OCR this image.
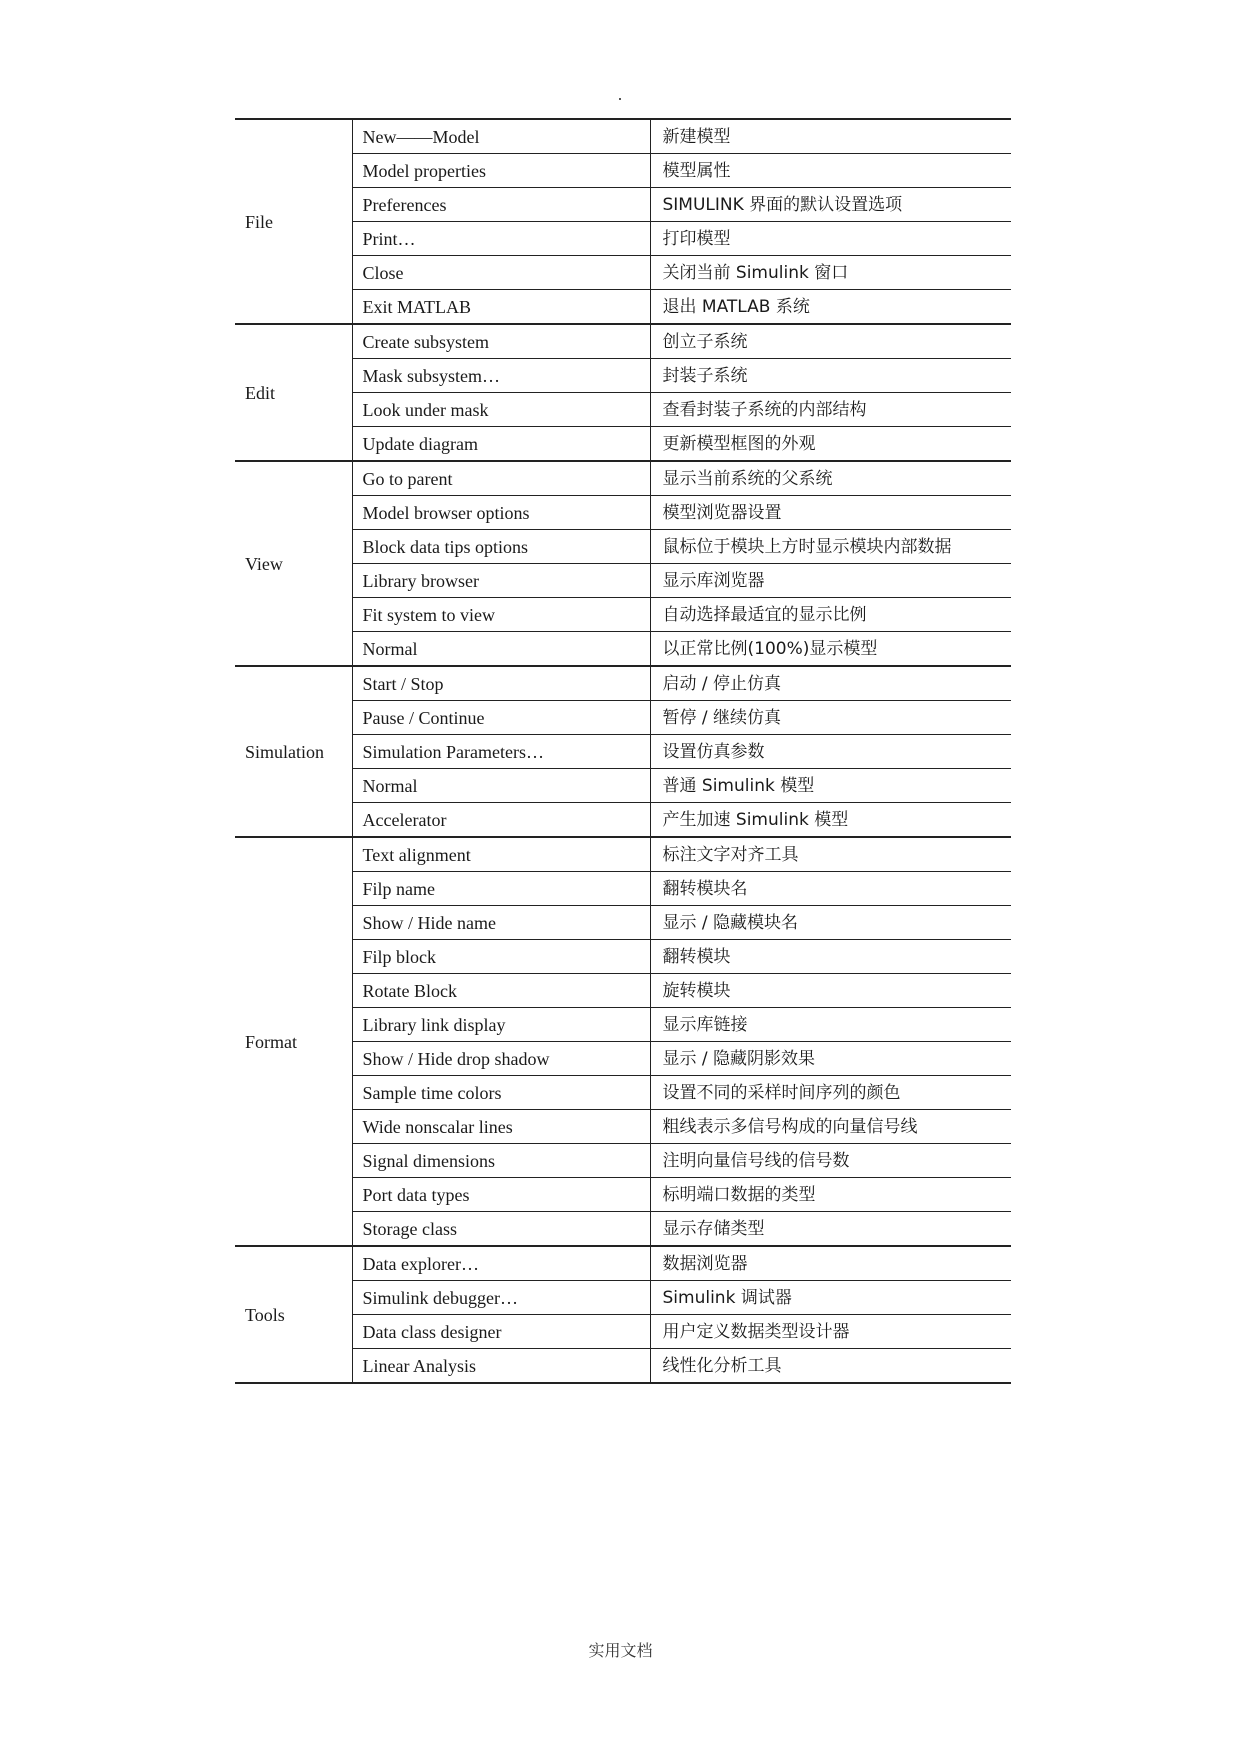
File	New——Model	新建模型
	Model properties	模型属性
	Preferences	SIMULINK 界面的默认设置选项
	Print…	打印模型
	Close	关闭当前 Simulink 窗口
	Exit MATLAB	退出 MATLAB 系统
Edit	Create subsystem	创立子系统
	Mask subsystem…	封装子系统
	Look under mask	查看封装子系统的内部结构
	Update diagram	更新模型框图的外观
View	Go to parent	显示当前系统的父系统
	Model browser options	模型浏览器设置
	Block data tips options	鼠标位于模块上方时显示模块内部数据
	Library browser	显示库浏览器
	Fit system to view	自动选择最适宜的显示比例
	Normal	以正常比例(100%)显示模型
Simulation	Start / Stop	启动 / 停止仿真
	Pause / Continue	暂停 / 继续仿真
	Simulation Parameters…	设置仿真参数
	Normal	普通 Simulink 模型
	Accelerator	产生加速 Simulink 模型
Format	Text alignment	标注文字对齐工具
	Filp name	翻转模块名
	Show / Hide name	显示 / 隐藏模块名
	Filp block	翻转模块
	Rotate Block	旋转模块
	Library link display	显示库链接
	Show / Hide drop shadow	显示 / 隐藏阴影效果
	Sample time colors	设置不同的采样时间序列的颜色
	Wide nonscalar lines	粗线表示多信号构成的向量信号线
	Signal dimensions	注明向量信号线的信号数
	Port data types	标明端口数据的类型
	Storage class	显示存储类型
Tools	Data explorer…	数据浏览器
	Simulink debugger…	Simulink 调试器
	Data class designer	用户定义数据类型设计器
	Linear Analysis	线性化分析工具
实用文档
